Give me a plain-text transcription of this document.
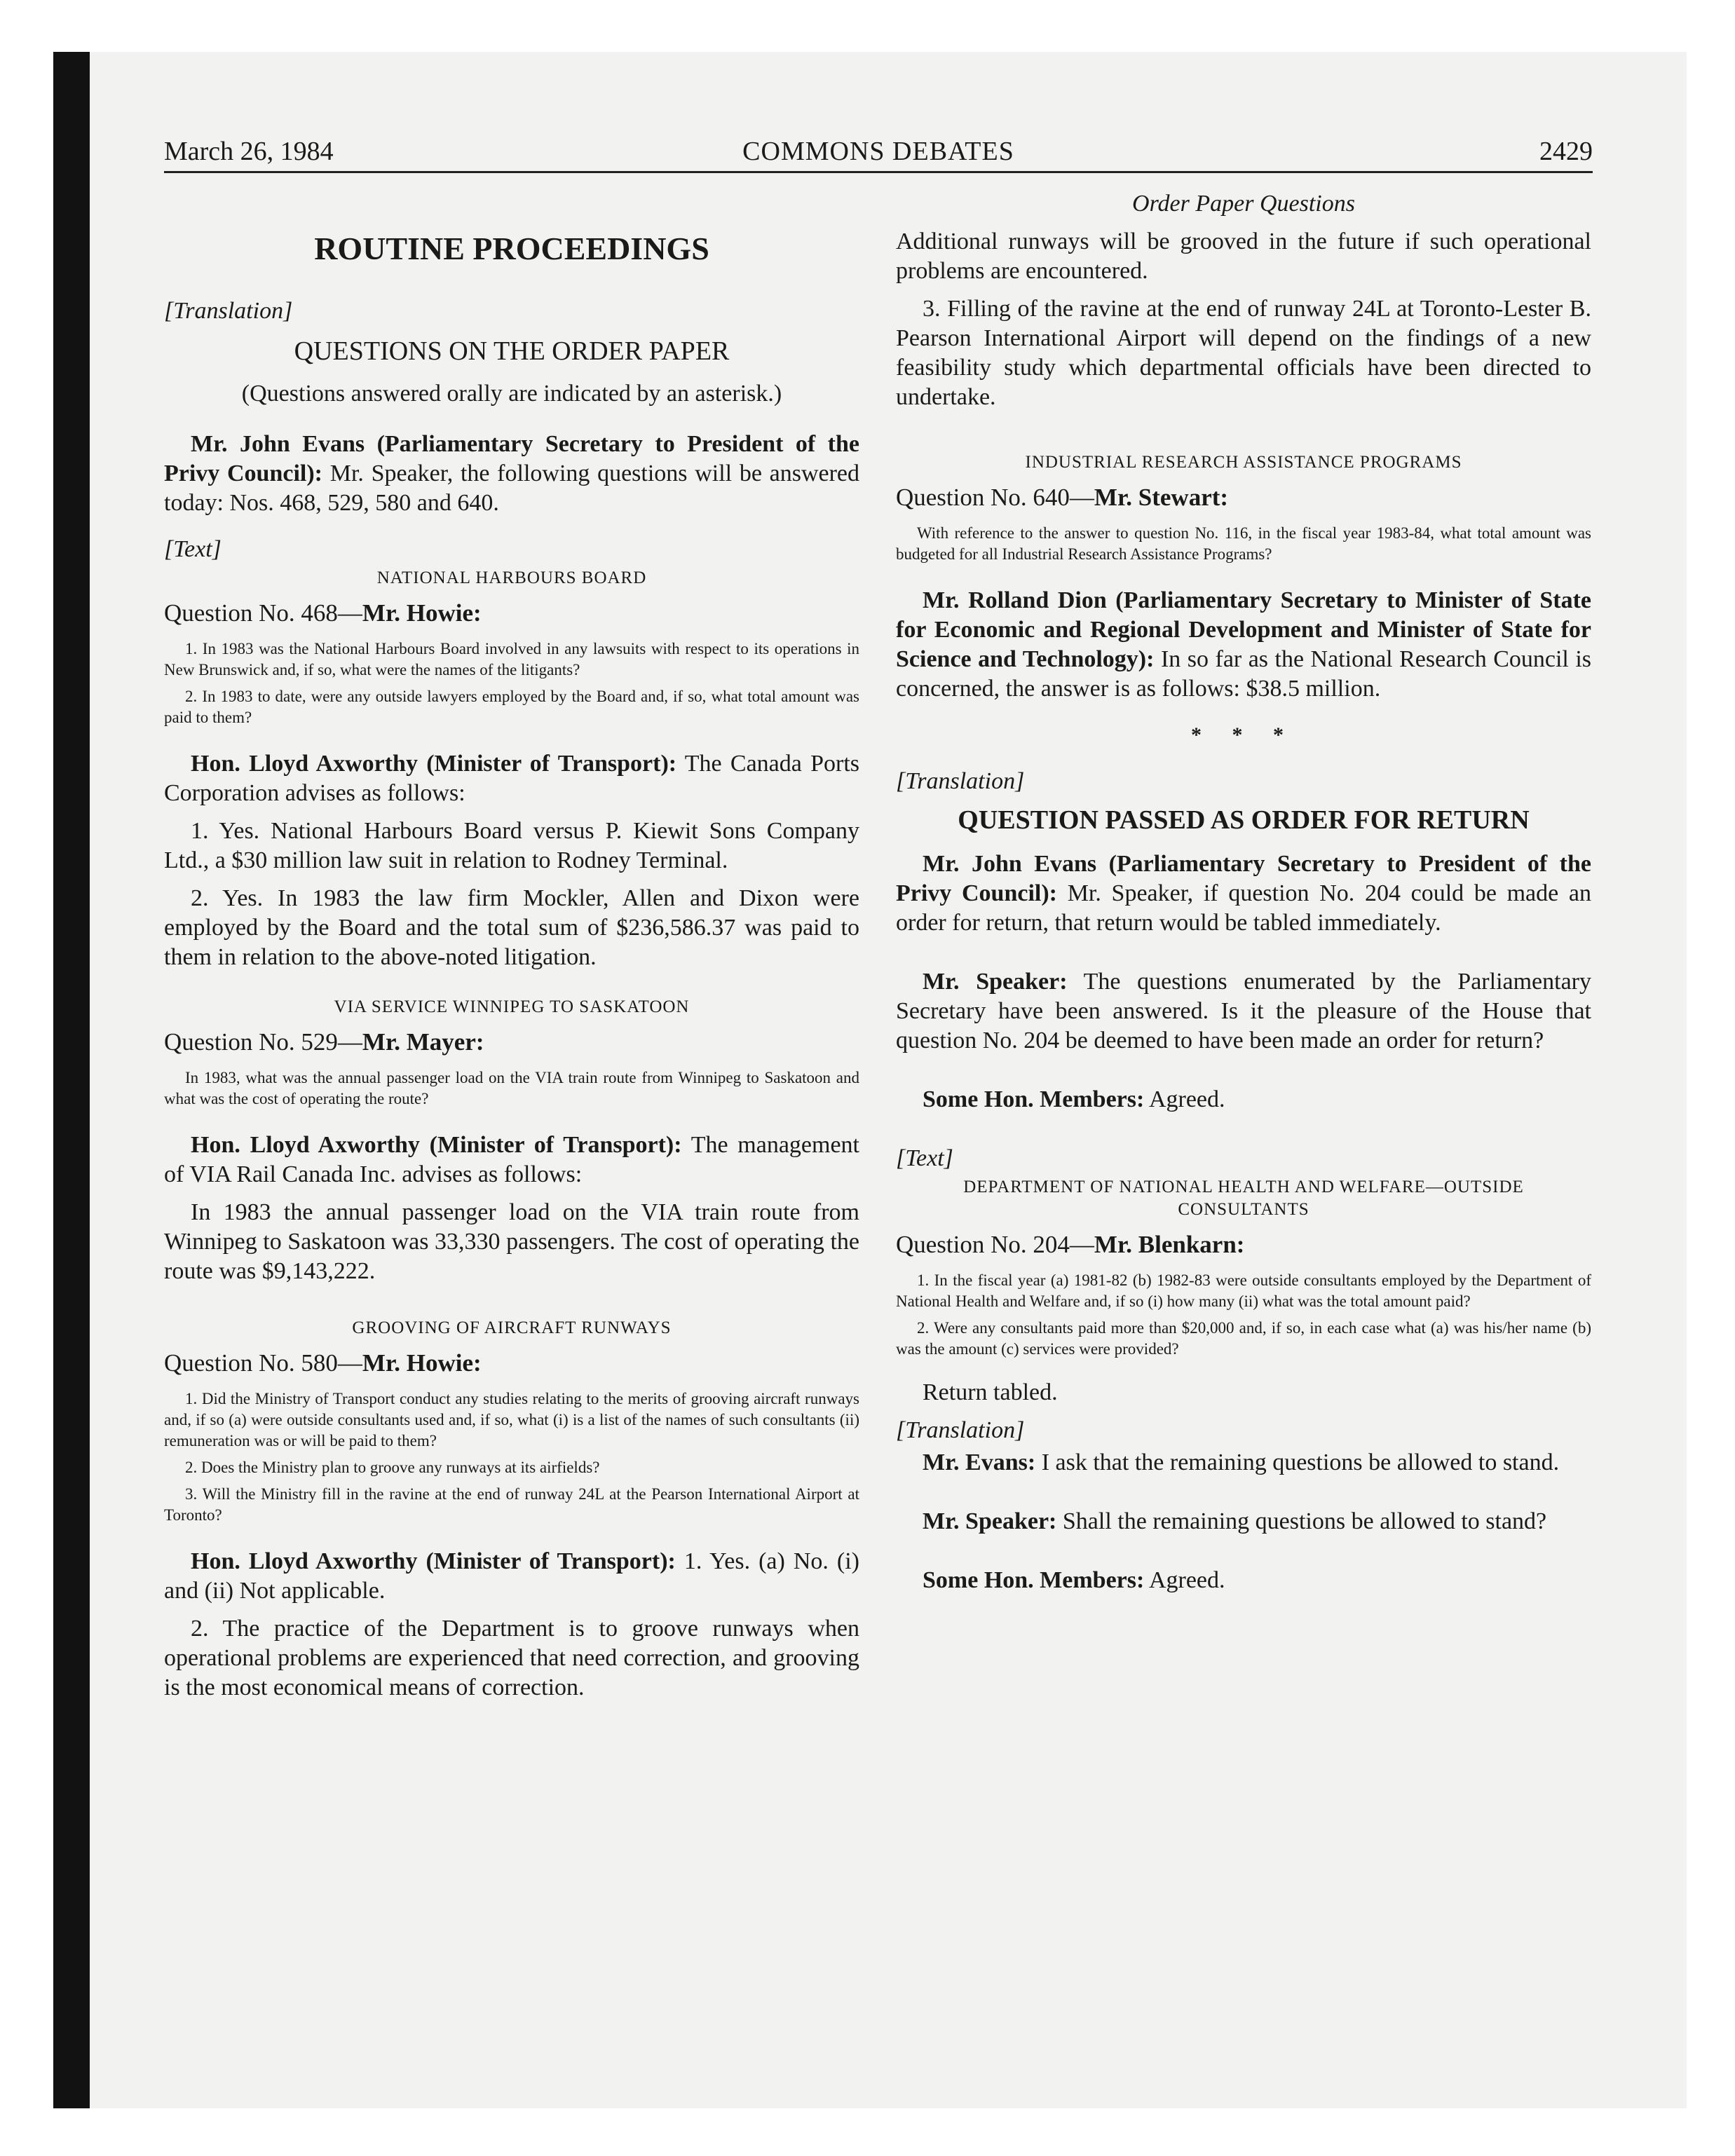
March 26, 1984	COMMONS DEBATES	2429

ROUTINE PROCEEDINGS

[Translation]

QUESTIONS ON THE ORDER PAPER

(Questions answered orally are indicated by an asterisk.)

Mr. John Evans (Parliamentary Secretary to President of the Privy Council): Mr. Speaker, the following questions will be answered today: Nos. 468, 529, 580 and 640.

[Text]

NATIONAL HARBOURS BOARD

Question No. 468—Mr. Howie:

1. In 1983 was the National Harbours Board involved in any lawsuits with respect to its operations in New Brunswick and, if so, what were the names of the litigants?

2. In 1983 to date, were any outside lawyers employed by the Board and, if so, what total amount was paid to them?

Hon. Lloyd Axworthy (Minister of Transport): The Canada Ports Corporation advises as follows:

1. Yes. National Harbours Board versus P. Kiewit Sons Company Ltd., a $30 million law suit in relation to Rodney Terminal.

2. Yes. In 1983 the law firm Mockler, Allen and Dixon were employed by the Board and the total sum of $236,586.37 was paid to them in relation to the above-noted litigation.

VIA SERVICE WINNIPEG TO SASKATOON

Question No. 529—Mr. Mayer:

In 1983, what was the annual passenger load on the VIA train route from Winnipeg to Saskatoon and what was the cost of operating the route?

Hon. Lloyd Axworthy (Minister of Transport): The management of VIA Rail Canada Inc. advises as follows:

In 1983 the annual passenger load on the VIA train route from Winnipeg to Saskatoon was 33,330 passengers. The cost of operating the route was $9,143,222.

GROOVING OF AIRCRAFT RUNWAYS

Question No. 580—Mr. Howie:

1. Did the Ministry of Transport conduct any studies relating to the merits of grooving aircraft runways and, if so (a) were outside consultants used and, if so, what (i) is a list of the names of such consultants (ii) remuneration was or will be paid to them?

2. Does the Ministry plan to groove any runways at its airfields?

3. Will the Ministry fill in the ravine at the end of runway 24L at the Pearson International Airport at Toronto?

Hon. Lloyd Axworthy (Minister of Transport): 1. Yes. (a) No. (i) and (ii) Not applicable.

2. The practice of the Department is to groove runways when operational problems are experienced that need correction, and grooving is the most economical means of correction.

Order Paper Questions

Additional runways will be grooved in the future if such operational problems are encountered.

3. Filling of the ravine at the end of runway 24L at Toronto-Lester B. Pearson International Airport will depend on the findings of a new feasibility study which departmental officials have been directed to undertake.

INDUSTRIAL RESEARCH ASSISTANCE PROGRAMS

Question No. 640—Mr. Stewart:

With reference to the answer to question No. 116, in the fiscal year 1983-84, what total amount was budgeted for all Industrial Research Assistance Programs?

Mr. Rolland Dion (Parliamentary Secretary to Minister of State for Economic and Regional Development and Minister of State for Science and Technology): In so far as the National Research Council is concerned, the answer is as follows: $38.5 million.

* * *

[Translation]

QUESTION PASSED AS ORDER FOR RETURN

Mr. John Evans (Parliamentary Secretary to President of the Privy Council): Mr. Speaker, if question No. 204 could be made an order for return, that return would be tabled immediately.

Mr. Speaker: The questions enumerated by the Parliamentary Secretary have been answered. Is it the pleasure of the House that question No. 204 be deemed to have been made an order for return?

Some Hon. Members: Agreed.

[Text]

DEPARTMENT OF NATIONAL HEALTH AND WELFARE—OUTSIDE CONSULTANTS

Question No. 204—Mr. Blenkarn:

1. In the fiscal year (a) 1981-82 (b) 1982-83 were outside consultants employed by the Department of National Health and Welfare and, if so (i) how many (ii) what was the total amount paid?

2. Were any consultants paid more than $20,000 and, if so, in each case what (a) was his/her name (b) was the amount (c) services were provided?

Return tabled.

[Translation]

Mr. Evans: I ask that the remaining questions be allowed to stand.

Mr. Speaker: Shall the remaining questions be allowed to stand?

Some Hon. Members: Agreed.
